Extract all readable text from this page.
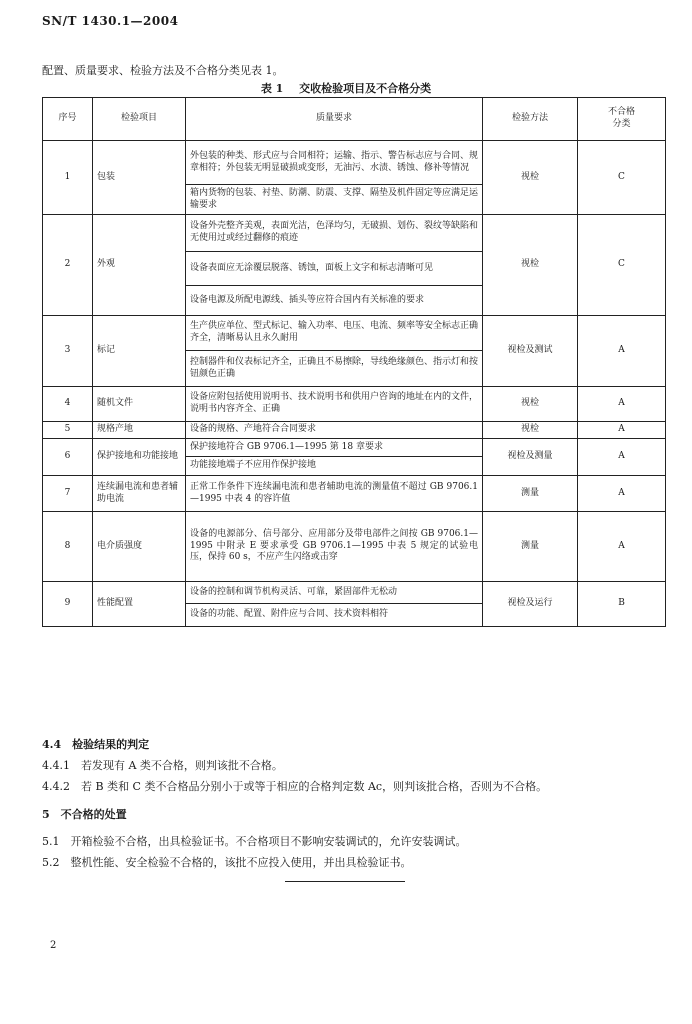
SN/T 1430.1—2004
配置、质量要求、检验方法及不合格分类见表 1。
表 1 交收检验项目及不合格分类
序号	检验项目	质量要求	检验方法	不合格
分类
1	包装	外包装的种类、形式应与合同相符；运输、指示、警告标志应与合同、规章相符；外包装无明显破损或变形，无油污、水渍、锈蚀、修补等情况	视检	C
		箱内货物的包装、衬垫、防潮、防震、支撑、隔垫及机件固定等应满足运输要求		
2	外观	设备外壳整齐美观，表面光洁，色泽均匀，无破损、划伤、裂纹等缺陷和无使用过或经过翻修的痕迹	视检	C
		设备表面应无涂覆层脱落、锈蚀，面板上文字和标志清晰可见		
		设备电源及所配电源线、插头等应符合国内有关标准的要求		
3	标记	生产供应单位、型式标记、输入功率、电压、电流、频率等安全标志正确齐全，清晰易认且永久耐用	视检及测试	A
		控制器件和仪表标记齐全，正确且不易擦除，导线绝缘颜色、指示灯和按钮颜色正确		
4	随机文件	设备应附包括使用说明书、技术说明书和供用户咨询的地址在内的文件，说明书内容齐全、正确	视检	A
5	规格产地	设备的规格、产地符合合同要求	视检	A
6	保护接地和功能接地	保护接地符合 GB 9706.1—1995 第 18 章要求	视检及测量	A
		功能接地端子不应用作保护接地		
7	连续漏电流和患者辅助电流	正常工作条件下连续漏电流和患者辅助电流的测量值不超过 GB 9706.1—1995 中表 4 的容许值	测量	A
8	电介质强度	设备的电源部分、信号部分、应用部分及带电部件之间按 GB 9706.1—1995 中附录 E 要求承受 GB 9706.1—1995 中表 5 规定的试验电压，保持 60 s，不应产生闪络或击穿	测量	A
9	性能配置	设备的控制和调节机构灵活、可靠，紧固部件无松动	视检及运行	B
		设备的功能、配置、附件应与合同、技术资料相符		
4.4　检验结果的判定
4.4.1　若发现有 A 类不合格，则判该批不合格。
4.4.2　若 B 类和 C 类不合格品分别小于或等于相应的合格判定数 Ac，则判该批合格，否则为不合格。
5　不合格的处置
5.1　开箱检验不合格，出具检验证书。不合格项目不影响安装调试的，允许安装调试。
5.2　整机性能、安全检验不合格的，该批不应投入使用，并出具检验证书。
2
